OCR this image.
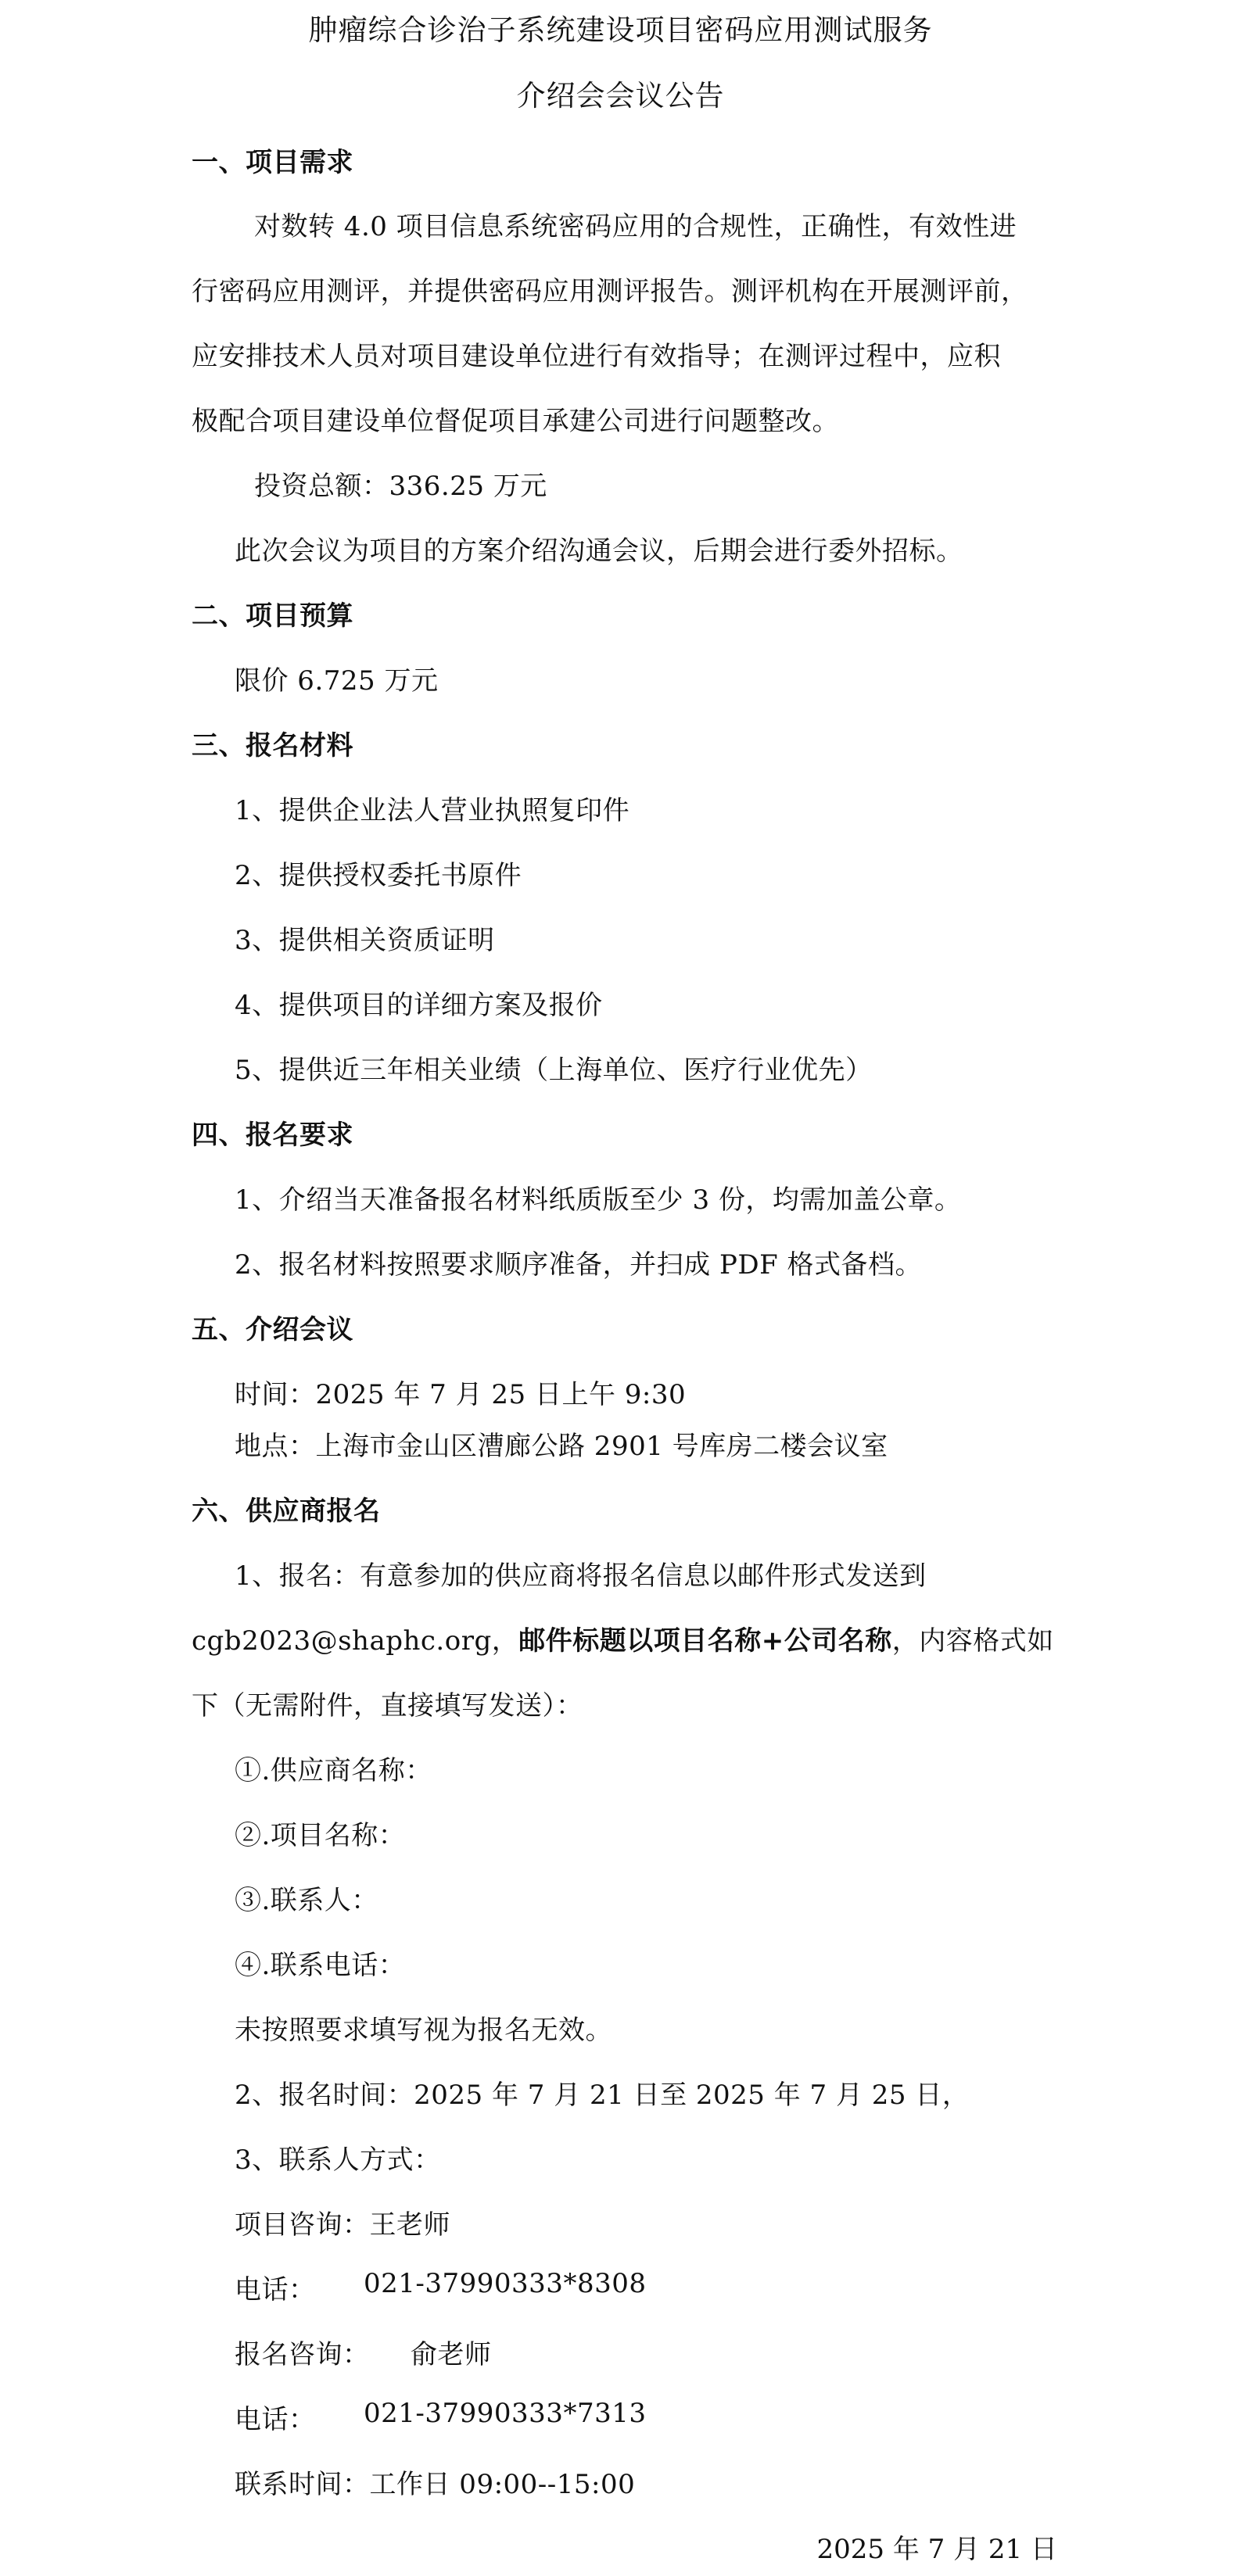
肿瘤综合诊治子系统建设项目密码应用测试服务
介绍会会议公告
一、项目需求
对数转 4.0 项目信息系统密码应用的合规性，正确性，有效性进
行密码应用测评，并提供密码应用测评报告。测评机构在开展测评前，
应安排技术人员对项目建设单位进行有效指导；在测评过程中，应积
极配合项目建设单位督促项目承建公司进行问题整改。
投资总额：336.25 万元
此次会议为项目的方案介绍沟通会议，后期会进行委外招标。
二、项目预算
限价 6.725 万元
三、报名材料
1、提供企业法人营业执照复印件
2、提供授权委托书原件
3、提供相关资质证明
4、提供项目的详细方案及报价
5、提供近三年相关业绩（上海单位、医疗行业优先）
四、报名要求
1、介绍当天准备报名材料纸质版至少 3 份，均需加盖公章。
2、报名材料按照要求顺序准备，并扫成 PDF 格式备档。
五、介绍会议
时间：2025 年 7 月 25 日上午 9:30
地点：上海市金山区漕廊公路 2901 号库房二楼会议室
六、供应商报名
1、报名：有意参加的供应商将报名信息以邮件形式发送到
cgb2023@shaphc.org，邮件标题以项目名称+公司名称，内容格式如
下（无需附件，直接填写发送）：
①.供应商名称：
②.项目名称：
③.联系人：
④.联系电话：
未按照要求填写视为报名无效。
2、报名时间：2025 年 7 月 21 日至 2025 年 7 月 25 日，
3、联系人方式：
项目咨询：王老师
电话： 021-37990333*8308
报名咨询： 俞老师
电话： 021-37990333*7313
联系时间：工作日 09:00--15:00
2025 年 7 月 21 日
